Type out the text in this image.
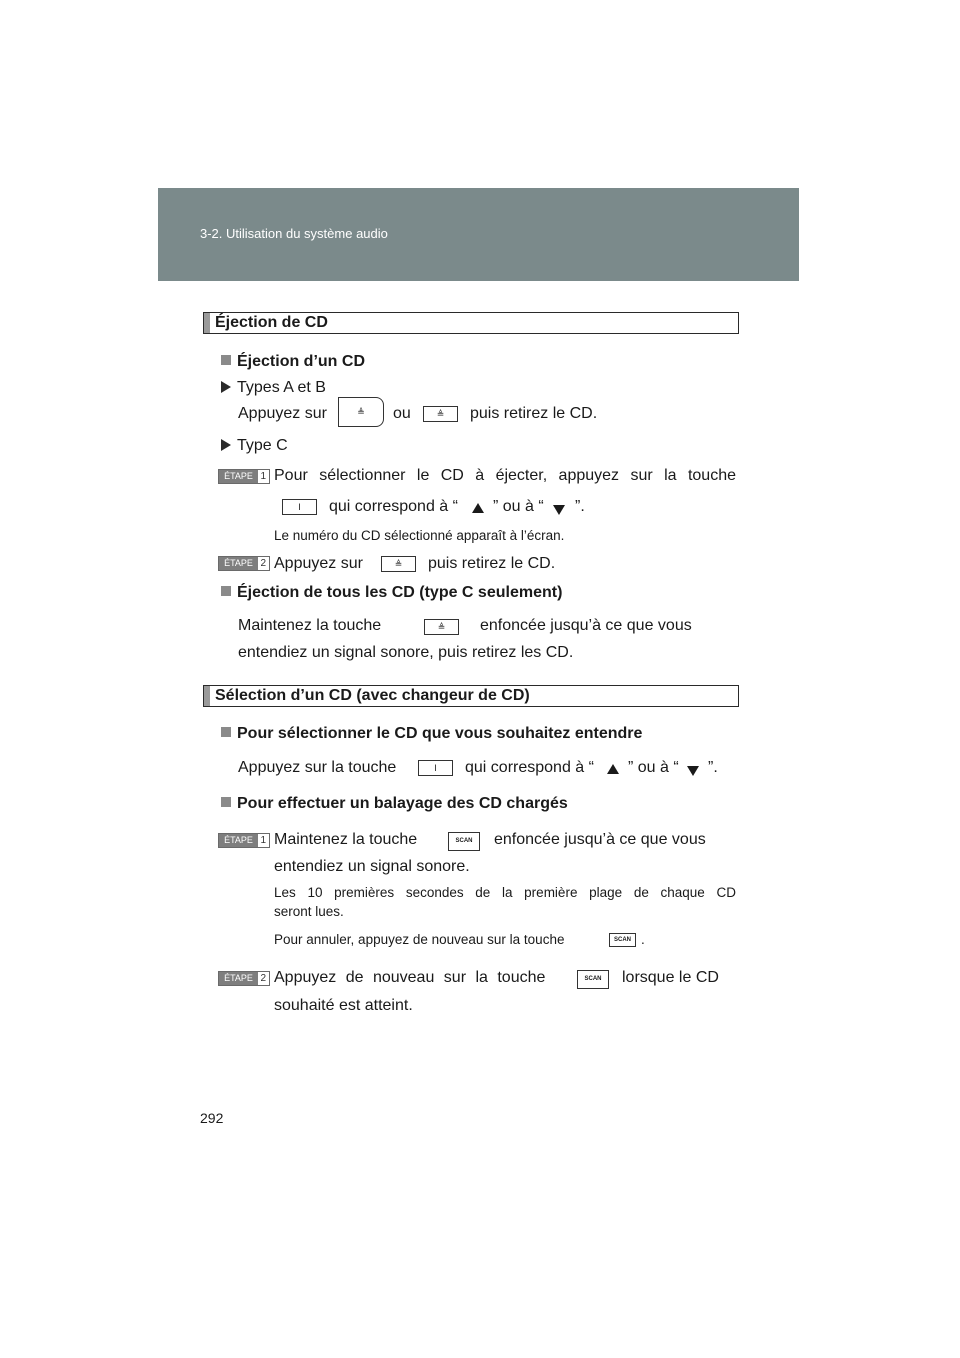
3-2. Utilisation du système audio
Éjection de CD
Éjection d’un CD
Types A et B
Appuyez sur	≜	ou	≜	puis retirez le CD.
Type C
ÉTAPE 1 Pour sélectionner le CD à éjecter, appuyez sur la touche
I	qui correspond à “ ” ou à “ ”.
Le numéro du CD sélectionné apparaît à l’écran.
ÉTAPE 2 Appuyez sur	≜	puis retirez le CD.
Éjection de tous les CD (type C seulement)
Maintenez la touche	≜	enfoncée jusqu’à ce que vous
entendiez un signal sonore, puis retirez les CD.
Sélection d’un CD (avec changeur de CD)
Pour sélectionner le CD que vous souhaitez entendre
Appuyez sur la touche	I	qui correspond à “ ” ou à “ ”.
Pour effectuer un balayage des CD chargés
ÉTAPE 1 Maintenez la touche	SCAN	enfoncée jusqu’à ce que vous
entendiez un signal sonore.
Les 10 premières secondes de la première plage de chaque CD
seront lues.
Pour annuler, appuyez de nouveau sur la touche	SCAN .
ÉTAPE 2 Appuyez de nouveau sur la touche	SCAN	lorsque le CD
souhaité est atteint.
292
